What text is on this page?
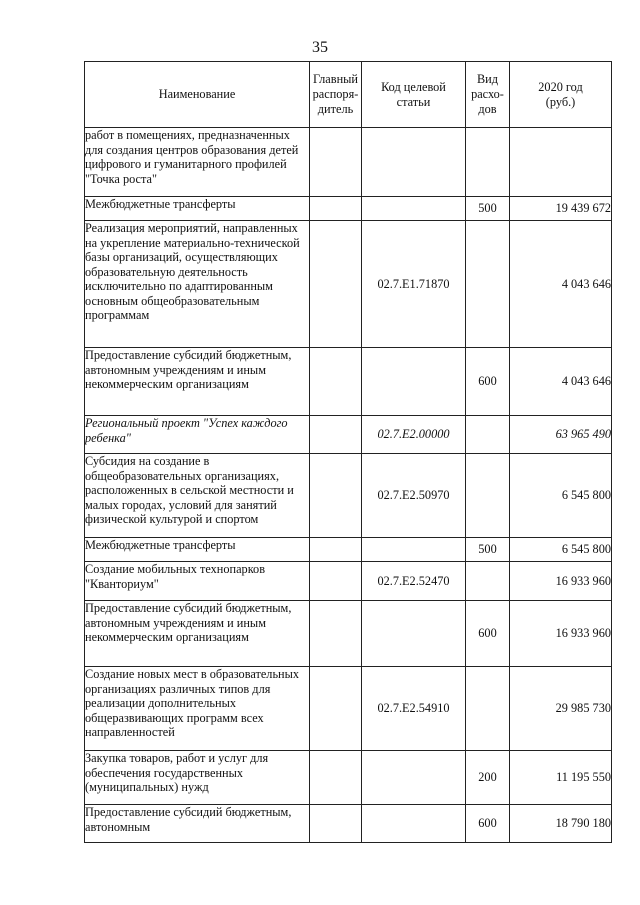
35
Наименование	Главный распоря-дитель	Код целевой статьи	Вид расхо-дов	2020 год (руб.)
работ в помещениях, предназначенных для создания центров образования детей цифрового и гуманитарного профилей "Точка роста"				
Межбюджетные трансферты			500	19 439 672
Реализация мероприятий, направленных на укрепление материально-технической базы организаций, осуществляющих образовательную деятельность исключительно по адаптированным основным общеобразовательным программам		02.7.Е1.71870		4 043 646
Предоставление субсидий бюджетным, автономным учреждениям и иным некоммерческим организациям			600	4 043 646
Региональный проект "Успех каждого ребенка"		02.7.Е2.00000		63 965 490
Субсидия на создание в общеобразовательных организациях, расположенных в сельской местности и малых городах, условий для занятий физической культурой и спортом		02.7.Е2.50970		6 545 800
Межбюджетные трансферты			500	6 545 800
Создание мобильных технопарков "Кванториум"		02.7.Е2.52470		16 933 960
Предоставление субсидий бюджетным, автономным учреждениям и иным некоммерческим организациям			600	16 933 960
Создание новых мест в образовательных организациях различных типов для реализации дополнительных общеразвивающих программ всех направленностей		02.7.Е2.54910		29 985 730
Закупка товаров, работ и услуг для обеспечения государственных (муниципальных) нужд			200	11 195 550
Предоставление субсидий бюджетным, автономным			600	18 790 180
